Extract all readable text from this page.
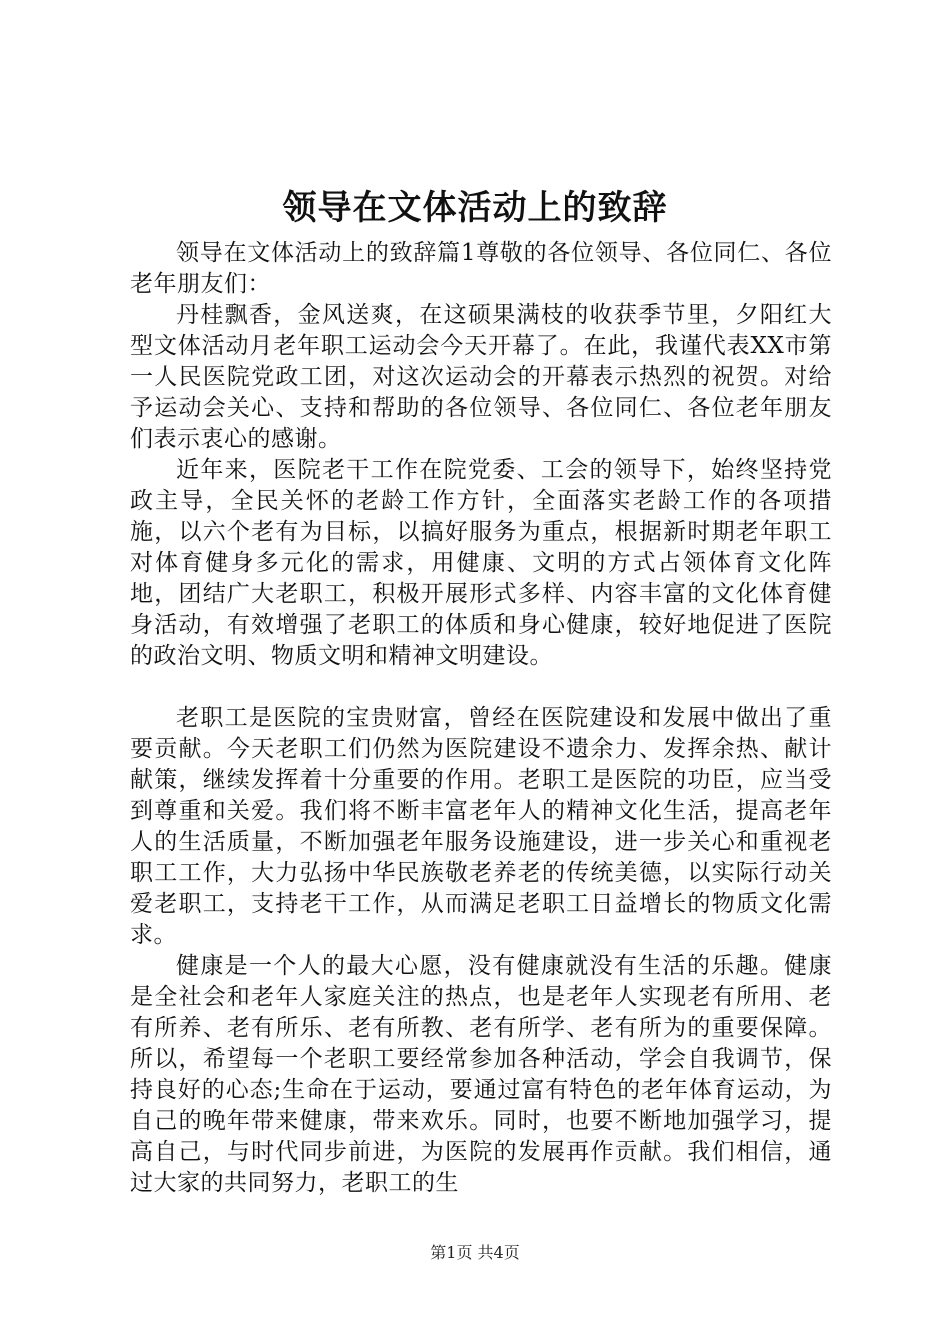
领导在文体活动上的致辞

领导在文体活动上的致辞篇1尊敬的各位领导、各位同仁、各位老年朋友们：

丹桂飘香，金风送爽，在这硕果满枝的收获季节里，夕阳红大型文体活动月老年职工运动会今天开幕了。在此，我谨代表XX市第一人民医院党政工团，对这次运动会的开幕表示热烈的祝贺。对给予运动会关心、支持和帮助的各位领导、各位同仁、各位老年朋友们表示衷心的感谢。

近年来，医院老干工作在院党委、工会的领导下，始终坚持党政主导，全民关怀的老龄工作方针，全面落实老龄工作的各项措施，以六个老有为目标，以搞好服务为重点，根据新时期老年职工对体育健身多元化的需求，用健康、文明的方式占领体育文化阵地，团结广大老职工，积极开展形式多样、内容丰富的文化体育健身活动，有效增强了老职工的体质和身心健康，较好地促进了医院的政治文明、物质文明和精神文明建设。

老职工是医院的宝贵财富，曾经在医院建设和发展中做出了重要贡献。今天老职工们仍然为医院建设不遗余力、发挥余热、献计献策，继续发挥着十分重要的作用。老职工是医院的功臣，应当受到尊重和关爱。我们将不断丰富老年人的精神文化生活，提高老年人的生活质量，不断加强老年服务设施建设，进一步关心和重视老职工工作，大力弘扬中华民族敬老养老的传统美德，以实际行动关爱老职工，支持老干工作，从而满足老职工日益增长的物质文化需求。

健康是一个人的最大心愿，没有健康就没有生活的乐趣。健康是全社会和老年人家庭关注的热点，也是老年人实现老有所用、老有所养、老有所乐、老有所教、老有所学、老有所为的重要保障。所以，希望每一个老职工要经常参加各种活动，学会自我调节，保持良好的心态;生命在于运动，要通过富有特色的老年体育运动，为自己的晚年带来健康，带来欢乐。同时，也要不断地加强学习，提高自己，与时代同步前进，为医院的发展再作贡献。我们相信，通过大家的共同努力，老职工的生

第1页 共4页
